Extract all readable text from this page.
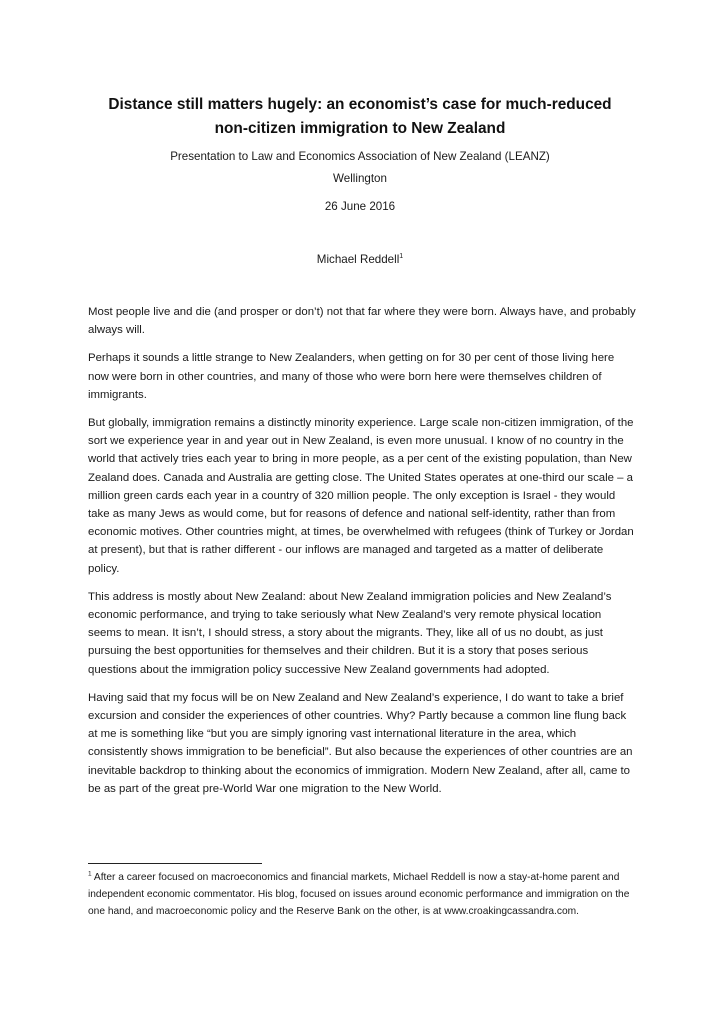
Distance still matters hugely: an economist’s case for much-reduced non-citizen immigration to New Zealand
Presentation to Law and Economics Association of New Zealand (LEANZ)
Wellington
26 June 2016
Michael Reddell$^1$

Most people live and die (and prosper or don’t) not that far where they were born. Always have, and probably always will.

Perhaps it sounds a little strange to New Zealanders, when getting on for 30 per cent of those living here now were born in other countries, and many of those who were born here were themselves children of immigrants.

But globally, immigration remains a distinctly minority experience. Large scale non-citizen immigration, of the sort we experience year in and year out in New Zealand, is even more unusual. I know of no country in the world that actively tries each year to bring in more people, as a per cent of the existing population, than New Zealand does. Canada and Australia are getting close. The United States operates at one-third our scale – a million green cards each year in a country of 320 million people. The only exception is Israel - they would take as many Jews as would come, but for reasons of defence and national self-identity, rather than from economic motives. Other countries might, at times, be overwhelmed with refugees (think of Turkey or Jordan at present), but that is rather different - our inflows are managed and targeted as a matter of deliberate policy.

This address is mostly about New Zealand: about New Zealand immigration policies and New Zealand’s economic performance, and trying to take seriously what New Zealand’s very remote physical location seems to mean. It isn’t, I should stress, a story about the migrants. They, like all of us no doubt, as just pursuing the best opportunities for themselves and their children. But it is a story that poses serious questions about the immigration policy successive New Zealand governments had adopted.

Having said that my focus will be on New Zealand and New Zealand’s experience, I do want to take a brief excursion and consider the experiences of other countries. Why? Partly because a common line flung back at me is something like “but you are simply ignoring vast international literature in the area, which consistently shows immigration to be beneficial”. But also because the experiences of other countries are an inevitable backdrop to thinking about the economics of immigration. Modern New Zealand, after all, came to be as part of the great pre-World War one migration to the New World.

$^1$ After a career focused on macroeconomics and financial markets, Michael Reddell is now a stay-at-home parent and independent economic commentator. His blog, focused on issues around economic performance and immigration on the one hand, and macroeconomic policy and the Reserve Bank on the other, is at www.croakingcassandra.com.
